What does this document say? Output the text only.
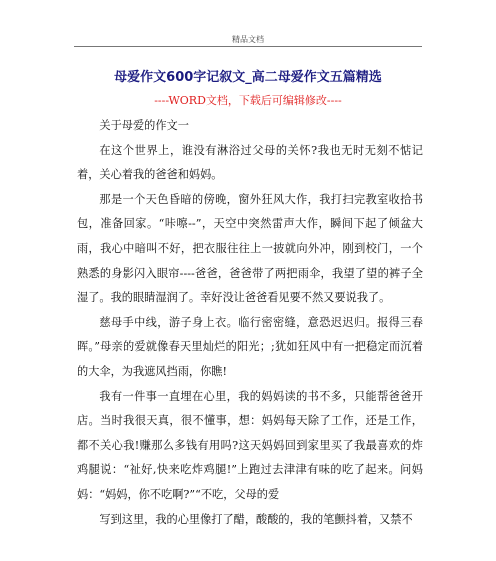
精品文档
母爱作文600字记叙文_高二母爱作文五篇精选
----WORD文档，下载后可编辑修改----

关于母爱的作文一

在这个世界上，谁没有淋浴过父母的关怀?我也无时无刻不惦记着，关心着我的爸爸和妈妈。

那是一个天色昏暗的傍晚，窗外狂风大作，我打扫完教室收拾书包，准备回家。“咔嚓--”，天空中突然雷声大作，瞬间下起了倾盆大雨，我心中暗叫不好，把衣服往往上一披就向外冲，刚到校门，一个熟悉的身影闪入眼帘----爸爸，爸爸带了两把雨伞，我望了望的裤子全湿了。我的眼睛湿润了。幸好没让爸爸看见要不然又要说我了。

慈母手中线，游子身上衣。临行密密缝，意恐迟迟归。报得三春晖。”母亲的爱就像春天里灿烂的阳光；;犹如狂风中有一把稳定而沉着的大伞，为我遮风挡雨，你瞧!

我有一件事一直埋在心里，我的妈妈读的书不多，只能帮爸爸开店。当时我很天真，很不懂事，想：妈妈每天除了工作，还是工作，都不关心我!赚那么多钱有用吗?这天妈妈回到家里买了我最喜欢的炸鸡腿说：“祉好,快来吃炸鸡腿!”上跑过去津津有味的吃了起来。问妈妈：“妈妈，你不吃啊?”“不吃，父母的爱

写到这里，我的心里像打了醋，酸酸的，我的笔颤抖着，又禁不
